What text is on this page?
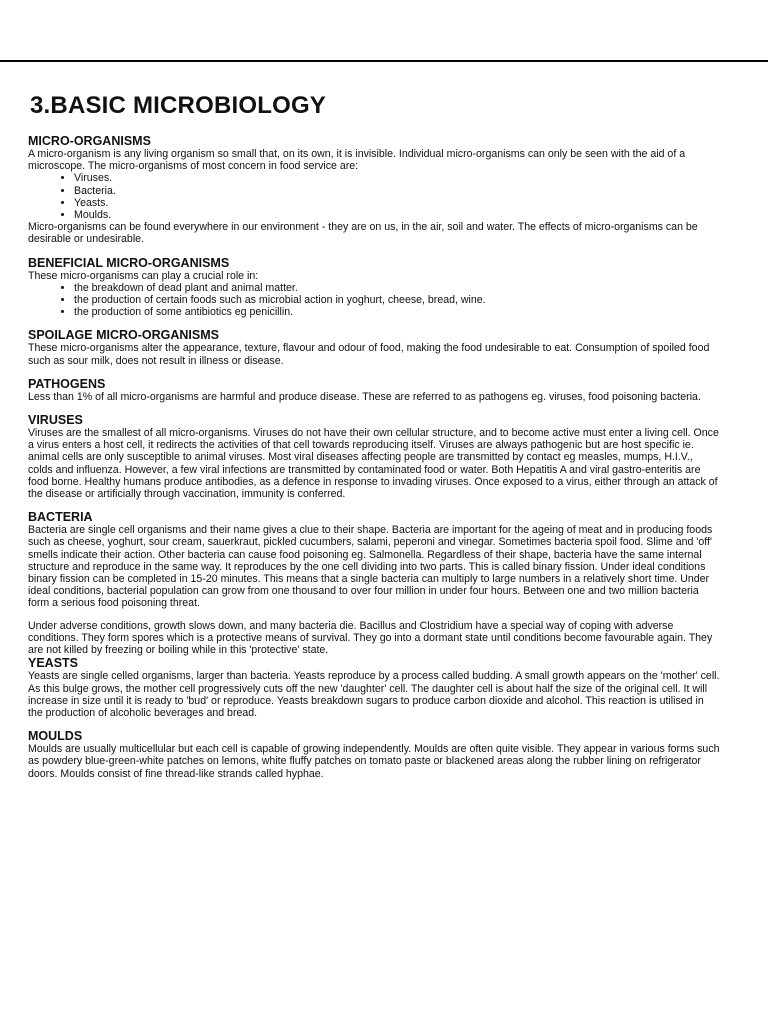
3.BASIC MICROBIOLOGY
MICRO-ORGANISMS

A micro-organism is any living organism so small that, on its own, it is invisible. Individual micro-organisms can only be seen with the aid of a microscope. The micro-organisms of most concern in food service are:

• Viruses.
• Bacteria.
• Yeasts.
• Moulds.

Micro-organisms can be found everywhere in our environment - they are on us, in the air, soil and water. The effects of micro-organisms can be desirable or undesirable.

BENEFICIAL MICRO-ORGANISMS

These micro-organisms can play a crucial role in:

• the breakdown of dead plant and animal matter.
• the production of certain foods such as microbial action in yoghurt, cheese, bread, wine.
• the production of some antibiotics eg penicillin.
SPOILAGE MICRO-ORGANISMS

These micro-organisms alter the appearance, texture, flavour and odour of food, making the food undesirable to eat. Consumption of spoiled food such as sour milk, does not result in illness or disease.

PATHOGENS

Less than 1% of all micro-organisms are harmful and produce disease. These are referred to as pathogens eg. viruses, food poisoning bacteria.

VIRUSES

Viruses are the smallest of all micro-organisms. Viruses do not have their own cellular structure, and to become active must enter a living cell. Once a virus enters a host cell, it redirects the activities of that cell towards reproducing itself. Viruses are always pathogenic but are host specific ie. animal cells are only susceptible to animal viruses. Most viral diseases affecting people are transmitted by contact eg measles, mumps, H.I.V., colds and influenza. However, a few viral infections are transmitted by contaminated food or water. Both Hepatitis A and viral gastro-enteritis are food borne. Healthy humans produce antibodies, as a defence in response to invading viruses. Once exposed to a virus, either through an attack of the disease or artificially through vaccination, immunity is conferred.

BACTERIA

Bacteria are single cell organisms and their name gives a clue to their shape. Bacteria are important for the ageing of meat and in producing foods such as cheese, yoghurt, sour cream, sauerkraut, pickled cucumbers, salami, peperoni and vinegar. Sometimes bacteria spoil food. Slime and 'off' smells indicate their action. Other bacteria can cause food poisoning eg. Salmonella. Regardless of their shape, bacteria have the same internal structure and reproduce in the same way. It reproduces by the one cell dividing into two parts. This is called binary fission. Under ideal conditions binary fission can be completed in 15-20 minutes. This means that a single bacteria can multiply to large numbers in a relatively short time. Under ideal conditions, bacterial population can grow from one thousand to over four million in under four hours. Between one and two million bacteria form a serious food poisoning threat.

Under adverse conditions, growth slows down, and many bacteria die. Bacillus and Clostridium have a special way of coping with adverse conditions. They form spores which is a protective means of survival. They go into a dormant state until conditions become favourable again. They are not killed by freezing or boiling while in this 'protective' state.

YEASTS

Yeasts are single celled organisms, larger than bacteria. Yeasts reproduce by a process called budding. A small growth appears on the 'mother' cell. As this bulge grows, the mother cell progressively cuts off the new 'daughter' cell. The daughter cell is about half the size of the original cell. It will increase in size until it is ready to 'bud' or reproduce. Yeasts breakdown sugars to produce carbon dioxide and alcohol. This reaction is utilised in the production of alcoholic beverages and bread.

MOULDS

Moulds are usually multicellular but each cell is capable of growing independently. Moulds are often quite visible. They appear in various forms such as powdery blue-green-white patches on lemons, white fluffy patches on tomato paste or blackened areas along the rubber lining on refrigerator doors. Moulds consist of fine thread-like strands called hyphae.
